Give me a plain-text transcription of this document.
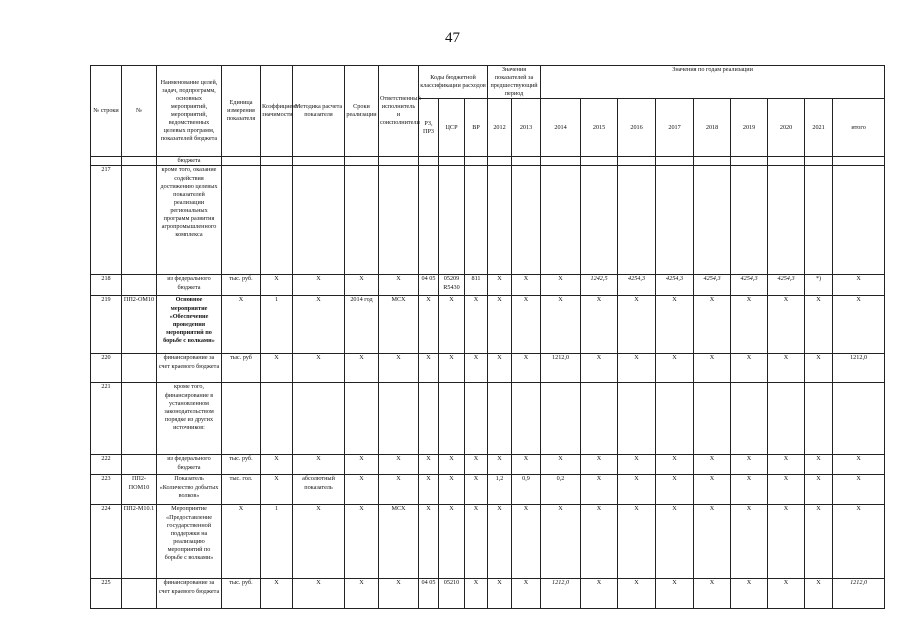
47
№ строки	№	Наименование целей, задач, подпрограмм, основных мероприятий, мероприятий, ведомственных целевых программ, показателей бюджета	Единица измерения показателя	Коэффициент значимости	Методика расчета показателя	Сроки реализации	Ответственный исполнитель и соисполнители	Коды бюджетной классификации расходов			Значения показателей за предшествующий период		Значения по годам реализации								
								РЗ, ПР3	ЦСР	ВР	2012	2013	2014	2015	2016	2017	2018	2019	2020	2021	итого
		бюджета																			
217		кроме того, оказание содействия достижению целевых показателей реализации региональных программ развития агропромышленного комплекса																			
218		из федерального бюджета	тыс. руб.	X	X	X	X	04 05	05209 R5430	811	X	X	X	1242,5	4254,3	4254,3	4254,3	4254,3	4254,3	*)	X
219	ПП2-ОМ10	Основное мероприятие «Обеспечение проведения мероприятий по борьбе с волками»	X	1	X	2014 год	МСХ	X	X	X	X	X	X	X	X	X	X	X	X	X	X
220		финансирование за счет краевого бюджета	тыс. руб	X	X	X	X	X	X	X	X	X	1212,0	X	X	X	X	X	X	X	1212,0
221		кроме того, финансирование в установленном законодательством порядке из других источников:																			
222		из федерального бюджета	тыс. руб.	X	X	X	X	X	X	X	X	X	X	X	X	X	X	X	X	X	X
223	ПП2-ПОМ10	Показатель «Количество добытых волков»	тыс. гол.	X	абсолютный показатель	X	X	X	X	X	1,2	0,9	0,2	X	X	X	X	X	X	X	X
224	ПП2-М10.1	Мероприятие «Предоставление государственной поддержки на реализацию мероприятий по борьбе с волками»	X	1	X	X	МСХ	X	X	X	X	X	X	X	X	X	X	X	X	X	X
225		финансирование за счет краевого бюджета	тыс. руб.	X	X	X	X	04 05	05210	X	X	X	1212,0	X	X	X	X	X	X	X	1212,0
